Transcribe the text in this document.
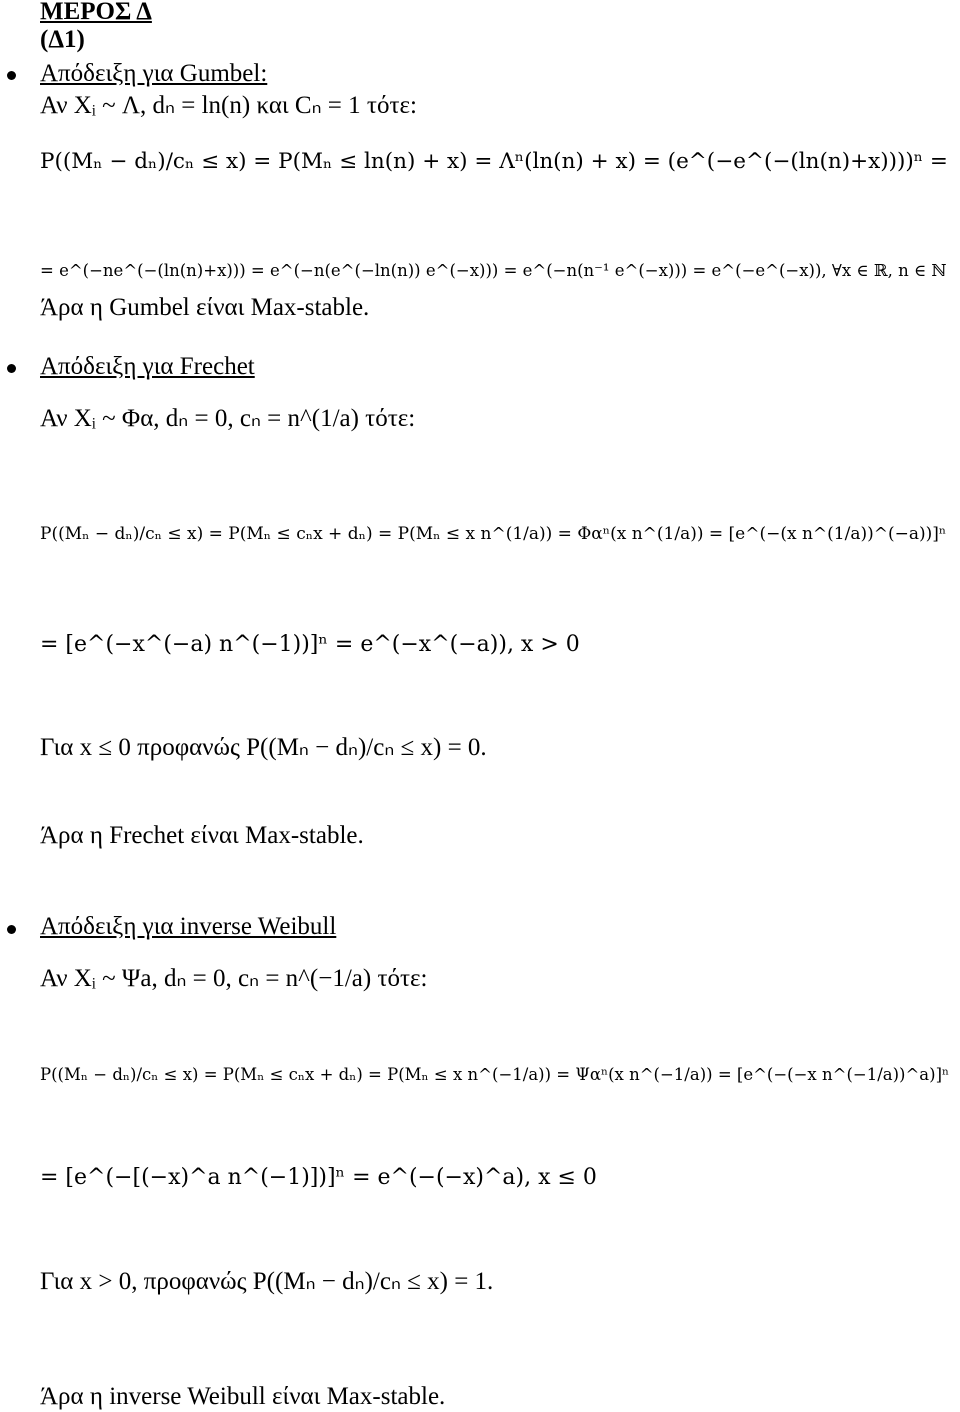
ΜΕΡΟΣ Δ
(Δ1)
Απόδειξη για Gumbel:
Αν Xᵢ ~ Λ, dₙ = ln(n) και Cₙ = 1 τότε:
P((Mₙ − dₙ)/cₙ ≤ x) = P(Mₙ ≤ ln(n) + x) = Λⁿ(ln(n) + x) = (e^(−e^(−(ln(n)+x))))ⁿ =
= e^(−ne^(−(ln(n)+x))) = e^(−n(e^(−ln(n)) e^(−x))) = e^(−n(n⁻¹ e^(−x))) = e^(−e^(−x)), ∀x ∈ ℝ, n ∈ ℕ
Άρα η Gumbel είναι Max-stable.
Απόδειξη για Frechet
Αν Xᵢ ~ Φα, dₙ = 0, cₙ = n^(1/a) τότε:
P((Mₙ − dₙ)/cₙ ≤ x) = P(Mₙ ≤ cₙx + dₙ) = P(Mₙ ≤ x n^(1/a)) = Φαⁿ(x n^(1/a)) = [e^(−(x n^(1/a))^(−a))]ⁿ
= [e^(−x^(−a) n^(−1))]ⁿ = e^(−x^(−a)), x > 0
Για x ≤ 0 προφανώς P((Mₙ − dₙ)/cₙ ≤ x) = 0.
Άρα η Frechet είναι Max-stable.
Απόδειξη για inverse Weibull
Αν Xᵢ ~ Ψa, dₙ = 0, cₙ = n^(−1/a) τότε:
P((Mₙ − dₙ)/cₙ ≤ x) = P(Mₙ ≤ cₙx + dₙ) = P(Mₙ ≤ x n^(−1/a)) = Ψαⁿ(x n^(−1/a)) = [e^(−(−x n^(−1/a))^a)]ⁿ
= [e^(−[(−x)^a n^(−1)])]ⁿ = e^(−(−x)^a), x ≤ 0
Για x > 0, προφανώς P((Mₙ − dₙ)/cₙ ≤ x) = 1.
Άρα η inverse Weibull είναι Max-stable.
